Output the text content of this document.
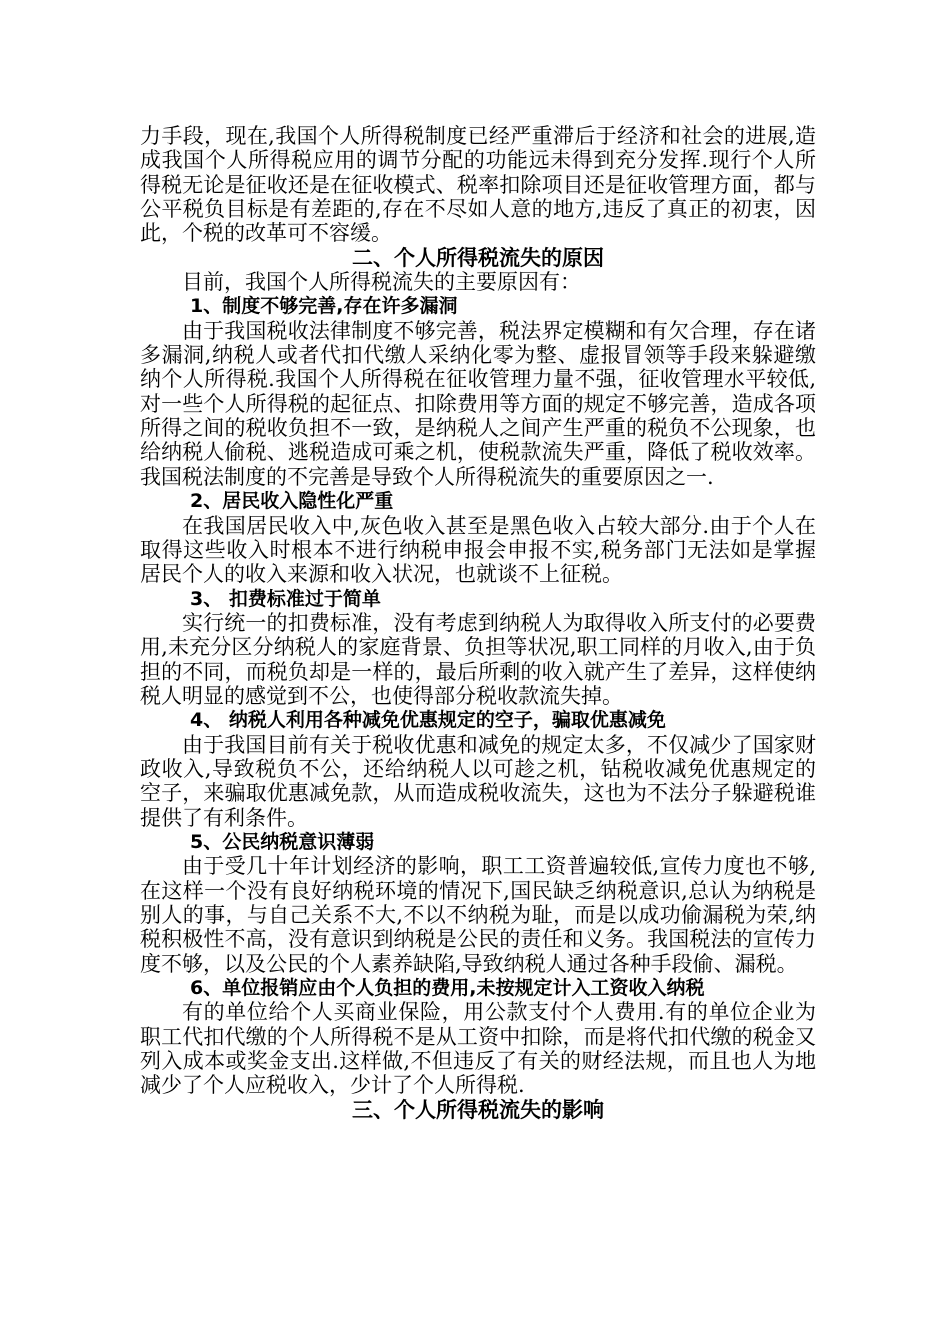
力手段，现在,我国个人所得税制度已经严重滞后于经济和社会的进展,造成我国个人所得税应用的调节分配的功能远未得到充分发挥.现行个人所得税无论是征收还是在征收模式、税率扣除项目还是征收管理方面，都与公平税负目标是有差距的,存在不尽如人意的地方,违反了真正的初衷，因此，个税的改革可不容缓。

二、个人所得税流失的原因

目前，我国个人所得税流失的主要原因有：

1、制度不够完善,存在许多漏洞

由于我国税收法律制度不够完善，税法界定模糊和有欠合理，存在诸多漏洞,纳税人或者代扣代缴人采纳化零为整、虚报冒领等手段来躲避缴纳个人所得税.我国个人所得税在征收管理力量不强，征收管理水平较低,对一些个人所得税的起征点、扣除费用等方面的规定不够完善，造成各项所得之间的税收负担不一致，是纳税人之间产生严重的税负不公现象，也给纳税人偷税、逃税造成可乘之机，使税款流失严重，降低了税收效率。我国税法制度的不完善是导致个人所得税流失的重要原因之一.

2、居民收入隐性化严重

在我国居民收入中,灰色收入甚至是黑色收入占较大部分.由于个人在取得这些收入时根本不进行纳税申报会申报不实,税务部门无法如是掌握居民个人的收入来源和收入状况，也就谈不上征税。

3、 扣费标准过于简单

实行统一的扣费标准，没有考虑到纳税人为取得收入所支付的必要费用,未充分区分纳税人的家庭背景、负担等状况,职工同样的月收入,由于负担的不同，而税负却是一样的，最后所剩的收入就产生了差异，这样使纳税人明显的感觉到不公，也使得部分税收款流失掉。

4、 纳税人利用各种减免优惠规定的空子，骗取优惠减免

由于我国目前有关于税收优惠和减免的规定太多，不仅减少了国家财政收入,导致税负不公，还给纳税人以可趁之机，钻税收减免优惠规定的空子，来骗取优惠减免款，从而造成税收流失，这也为不法分子躲避税谁提供了有利条件。

5、公民纳税意识薄弱

由于受几十年计划经济的影响，职工工资普遍较低,宣传力度也不够,在这样一个没有良好纳税环境的情况下,国民缺乏纳税意识,总认为纳税是别人的事，与自己关系不大,不以不纳税为耻，而是以成功偷漏税为荣,纳税积极性不高，没有意识到纳税是公民的责任和义务。我国税法的宣传力度不够，以及公民的个人素养缺陷,导致纳税人通过各种手段偷、漏税。

6、单位报销应由个人负担的费用,未按规定计入工资收入纳税

有的单位给个人买商业保险，用公款支付个人费用.有的单位企业为职工代扣代缴的个人所得税不是从工资中扣除，而是将代扣代缴的税金又列入成本或奖金支出.这样做,不但违反了有关的财经法规，而且也人为地减少了个人应税收入，少计了个人所得税.

三、个人所得税流失的影响
